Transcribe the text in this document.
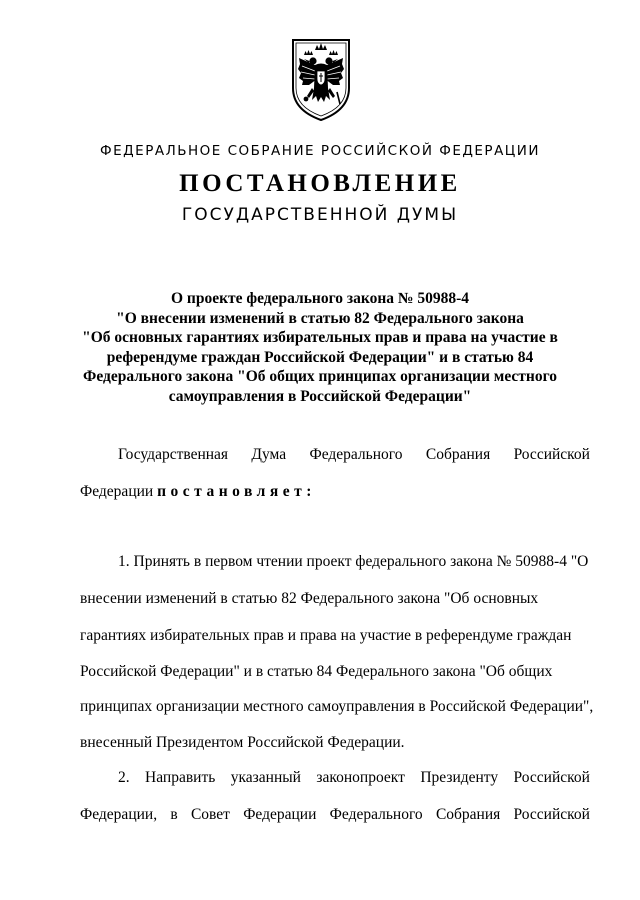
ФЕДЕРАЛЬНОЕ СОБРАНИЕ РОССИЙСКОЙ ФЕДЕРАЦИИ
ПОСТАНОВЛЕНИЕ
ГОСУДАРСТВЕННОЙ ДУМЫ
О проекте федерального закона № 50988-4
"О внесении изменений в статью 82 Федерального закона
"Об основных гарантиях избирательных прав и права на участие в
референдуме граждан Российской Федерации" и в статью 84
Федерального закона "Об общих принципах организации местного
самоуправления в Российской Федерации"
Государственная Дума Федерального Собрания Российской
Федерации постановляет:
1. Принять в первом чтении проект федерального закона № 50988-4 "О
внесении изменений в статью 82 Федерального закона "Об основных
гарантиях избирательных прав и права на участие в референдуме граждан
Российской Федерации" и в статью 84 Федерального закона "Об общих
принципах организации местного самоуправления в Российской Федерации",
внесенный Президентом Российской Федерации.
2. Направить указанный законопроект Президенту Российской
Федерации, в Совет Федерации Федерального Собрания Российской
